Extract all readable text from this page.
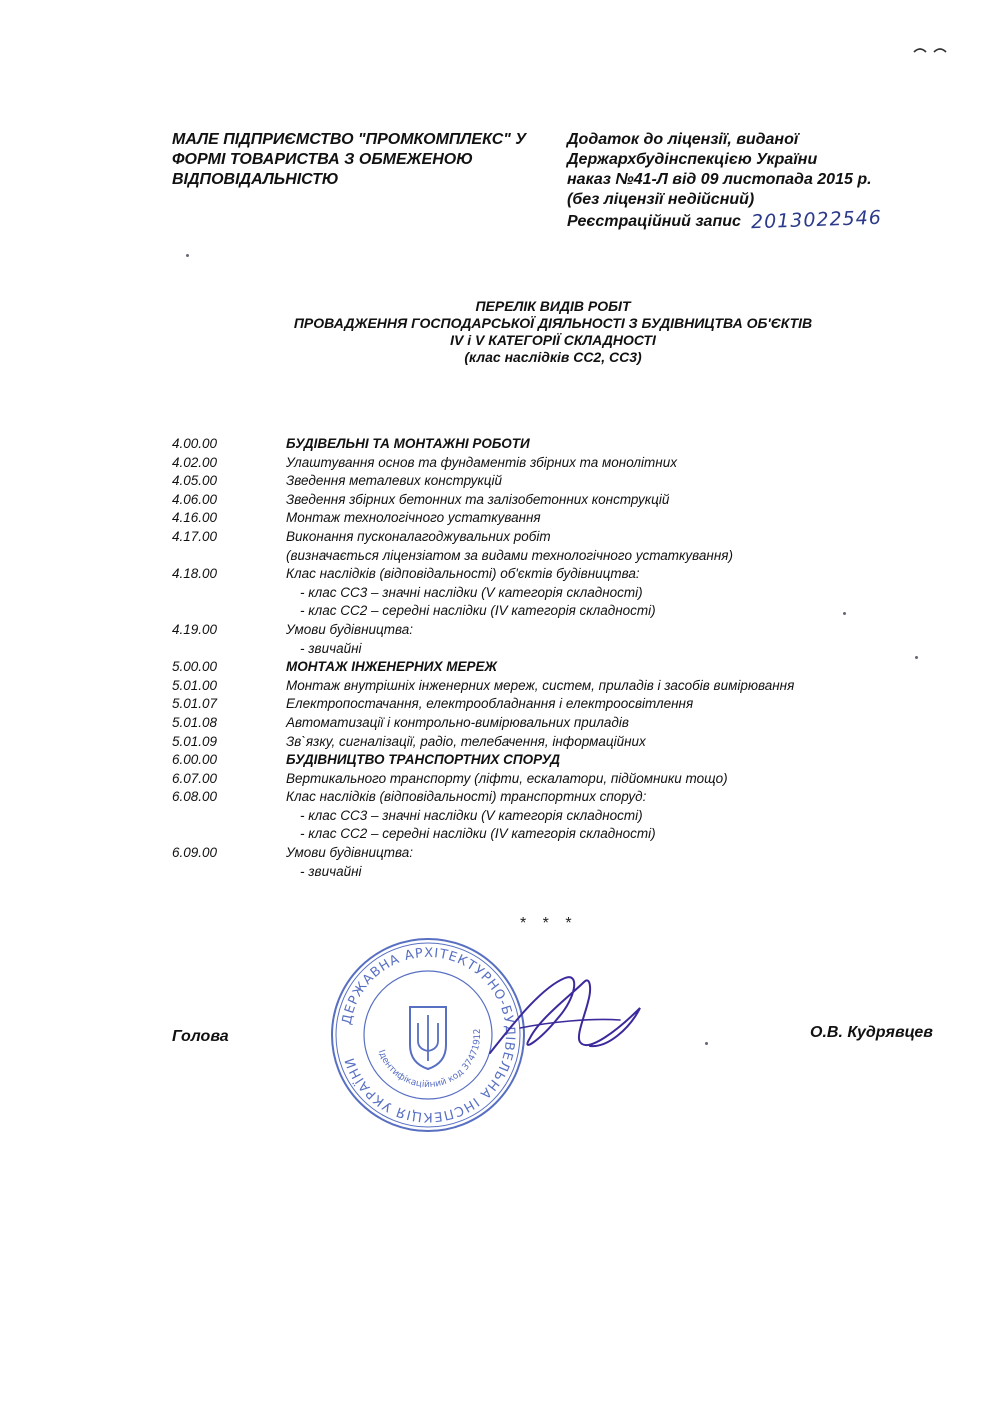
МАЛЕ ПІДПРИЄМСТВО "ПРОМКОМПЛЕКС" У
ФОРМІ ТОВАРИСТВА З ОБМЕЖЕНОЮ
ВІДПОВІДАЛЬНІСТЮ
Додаток до ліцензії, виданої
Держархбудінспекцією України
наказ №41-Л від 09 листопада 2015 р.
(без ліцензії недійсний)
Реєстраційний запис 2013022546
ПЕРЕЛІК ВИДІВ РОБІТ
ПРОВАДЖЕННЯ ГОСПОДАРСЬКОЇ ДІЯЛЬНОСТІ З БУДІВНИЦТВА ОБ'ЄКТІВ
IV і V КАТЕГОРІЇ СКЛАДНОСТІ
(клас наслідків СС2, СС3)
4.00.00	БУДІВЕЛЬНІ ТА МОНТАЖНІ РОБОТИ
4.02.00	Улаштування основ та фундаментів збірних та монолітних
4.05.00	Зведення металевих конструкцій
4.06.00	Зведення збірних бетонних та залізобетонних конструкцій
4.16.00	Монтаж технологічного устаткування
4.17.00	Виконання пусконалагоджувальних робіт
(визначається ліцензіатом за видами технологічного устаткування)
4.18.00	Клас наслідків (відповідальності) об'єктів будівництва:
- клас СС3 – значні наслідки (V категорія складності)
- клас СС2 – середні наслідки (IV категорія складності)
4.19.00	Умови будівництва:
- звичайні
5.00.00	МОНТАЖ ІНЖЕНЕРНИХ МЕРЕЖ
5.01.00	Монтаж внутрішніх інженерних мереж, систем, приладів і засобів вимірювання
5.01.07	Електропостачання, електрообладнання і електроосвітлення
5.01.08	Автоматизації і контрольно-вимірювальних приладів
5.01.09	Зв`язку, сигналізації, радіо, телебачення, інформаційних
6.00.00	БУДІВНИЦТВО ТРАНСПОРТНИХ СПОРУД
6.07.00	Вертикального транспорту (ліфти, ескалатори, підйомники тощо)
6.08.00	Клас наслідків (відповідальності) транспортних споруд:
- клас СС3 – значні наслідки (V категорія складності)
- клас СС2 – середні наслідки (IV категорія складності)
6.09.00	Умови будівництва:
- звичайні
* * *
ДЕРЖАВНА АРХІТЕКТУРНО-БУДІВЕЛЬНА ІНСПЕКЦІЯ УКРАЇНИ
Ідентифікаційний код 37471912
Голова	О.В. Кудрявцев
